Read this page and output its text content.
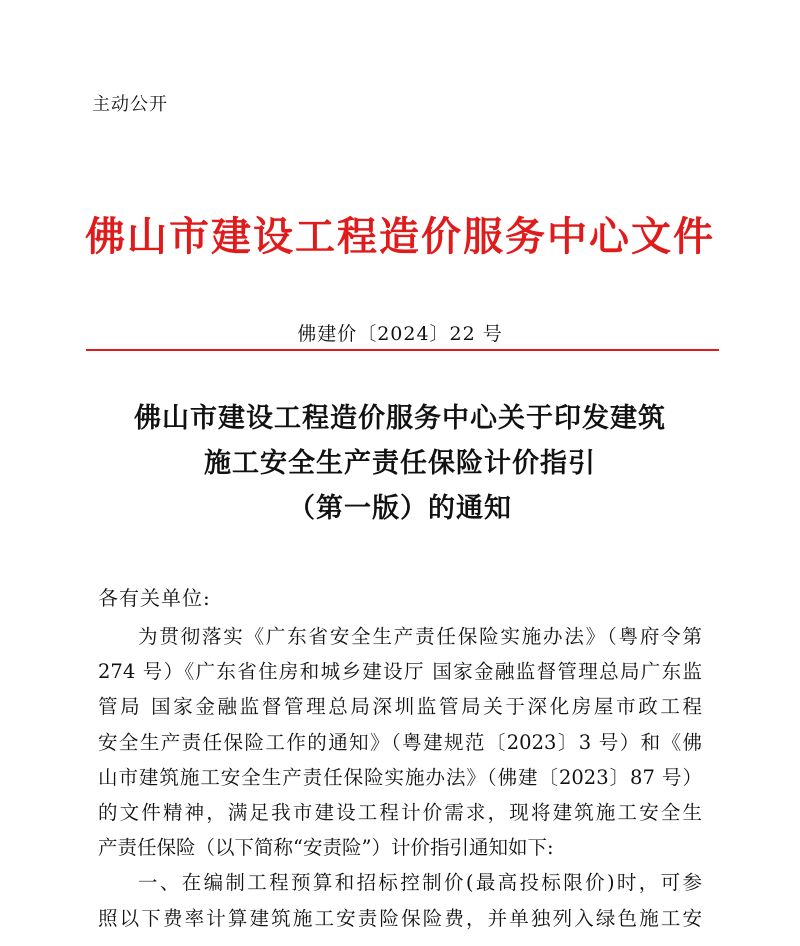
主动公开
佛山市建设工程造价服务中心文件
佛建价〔2024〕22 号
佛山市建设工程造价服务中心关于印发建筑
施工安全生产责任保险计价指引
（第一版）的通知
各有关单位:
为贯彻落实《广东省安全生产责任保险实施办法》（粤府令第
274 号）《广东省住房和城乡建设厅 国家金融监督管理总局广东监
管局 国家金融监督管理总局深圳监管局关于深化房屋市政工程
安全生产责任保险工作的通知》（粤建规范〔2023〕3 号）和《佛
山市建筑施工安全生产责任保险实施办法》（佛建〔2023〕87 号）
的文件精神，满足我市建设工程计价需求，现将建筑施工安全生
产责任保险（以下简称“安责险”）计价指引通知如下:
一、在编制工程预算和招标控制价(最高投标限价)时，可参
照以下费率计算建筑施工安责险保险费，并单独列入绿色施工安
